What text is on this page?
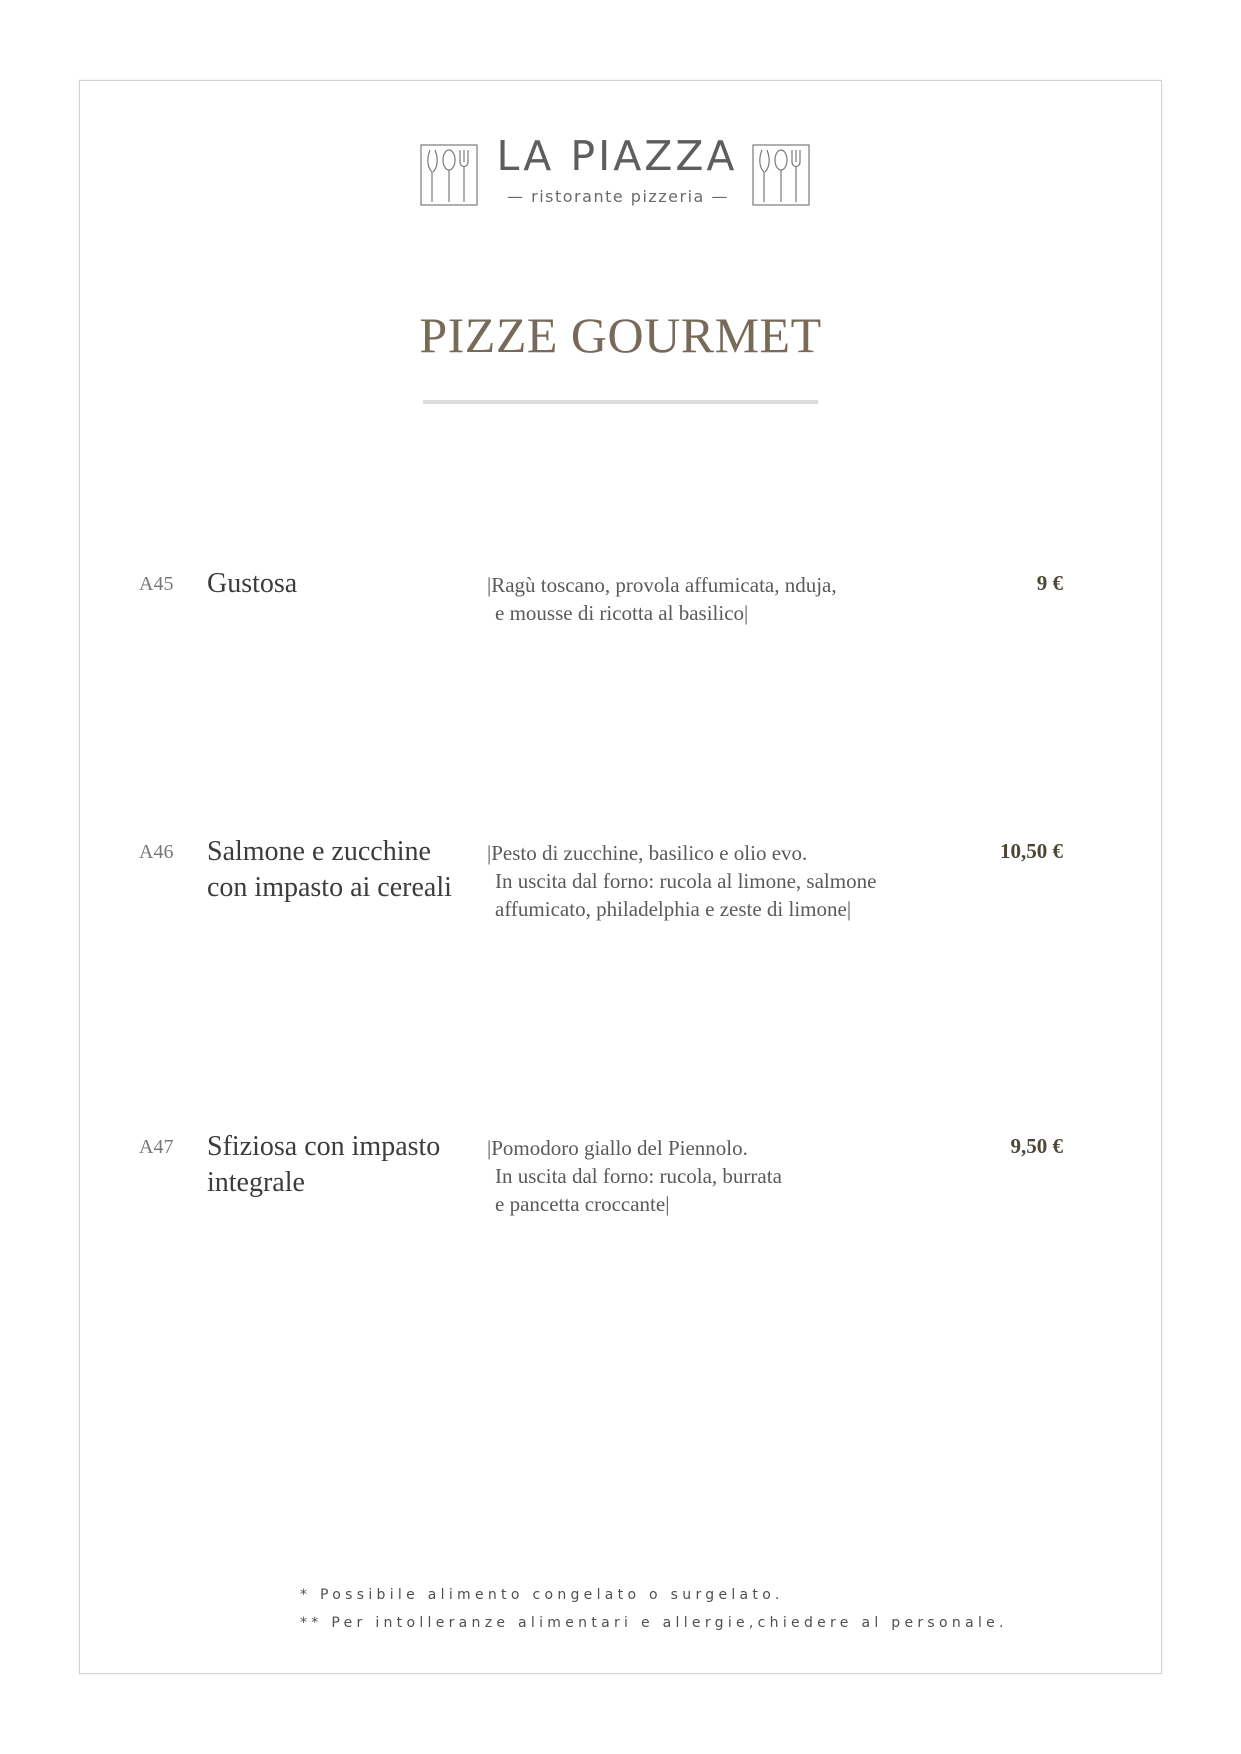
LA PIAZZA
— ristorante pizzeria —
PIZZE GOURMET
A45 Gustosa	|Ragù toscano, provola affumicata, nduja,
e mousse di ricotta al basilico|
9 €
A46 Salmone e zucchine con impasto ai cereali
|Pesto di zucchine, basilico e olio evo.
In uscita dal forno: rucola al limone, salmone
affumicato, philadelphia e zeste di limone|
10,50 €
A47 Sfiziosa con impasto integrale
|Pomodoro giallo del Piennolo.
In uscita dal forno: rucola, burrata
e pancetta croccante|
9,50 €
* Possibile alimento congelato o surgelato.
** Per intolleranze alimentari e allergie,chiedere al personale.
